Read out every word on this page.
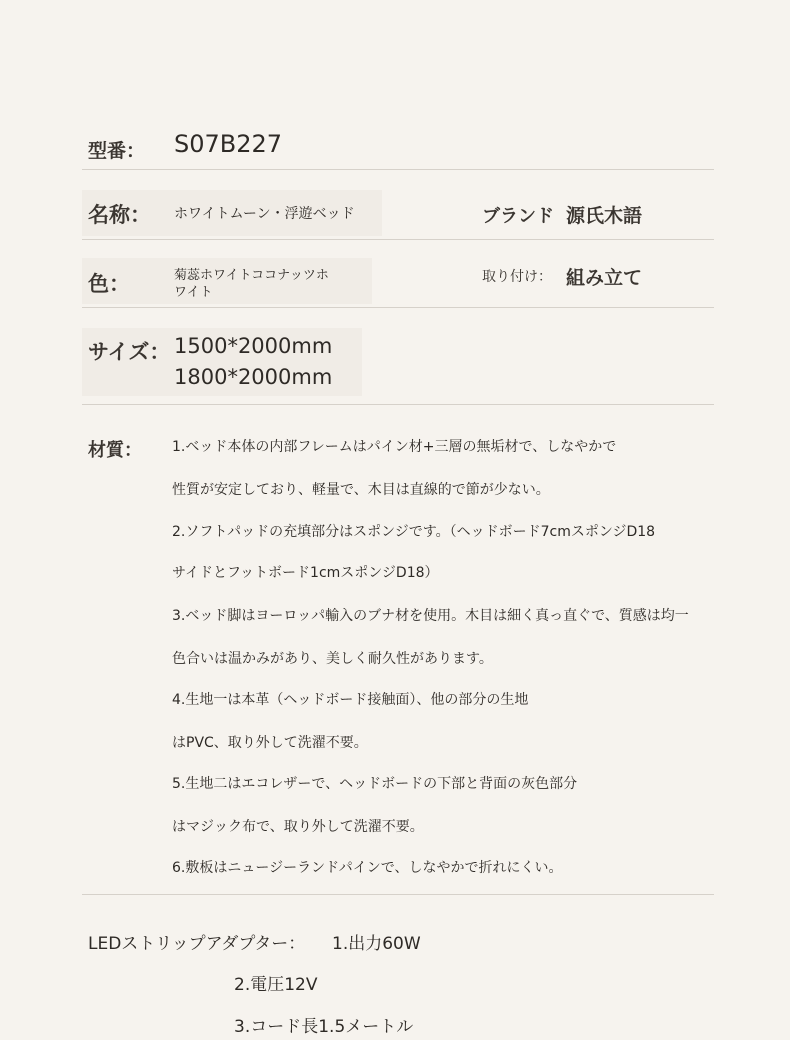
型番： S07B227
名称： ホワイトムーン・浮遊ベッド	ブランド 源氏木語
色：	菊蕊ホワイトココナッツホ
ワイト
取り付け： 組み立て
サイズ： 1500*2000mm
1800*2000mm
材質： 1.ベッド本体の内部フレームはパイン材+三層の無垢材で、しなやかで
性質が安定しており、軽量で、木目は直線的で節が少ない。
2.ソフトパッドの充填部分はスポンジです。（ヘッドボード7cmスポンジD18
サイドとフットボード1cmスポンジD18）
3.ベッド脚はヨーロッパ輸入のブナ材を使用。木目は細く真っ直ぐで、質感は均一
色合いは温かみがあり、美しく耐久性があります。
4.生地一は本革（ヘッドボード接触面）、他の部分の生地
はPVC、取り外して洗濯不要。
5.生地二はエコレザーで、ヘッドボードの下部と背面の灰色部分
はマジック布で、取り外して洗濯不要。
6.敷板はニュージーランドパインで、しなやかで折れにくい。
LEDストリップアダプター： 1.出力60W
2.電圧12V
3.コード長1.5メートル
